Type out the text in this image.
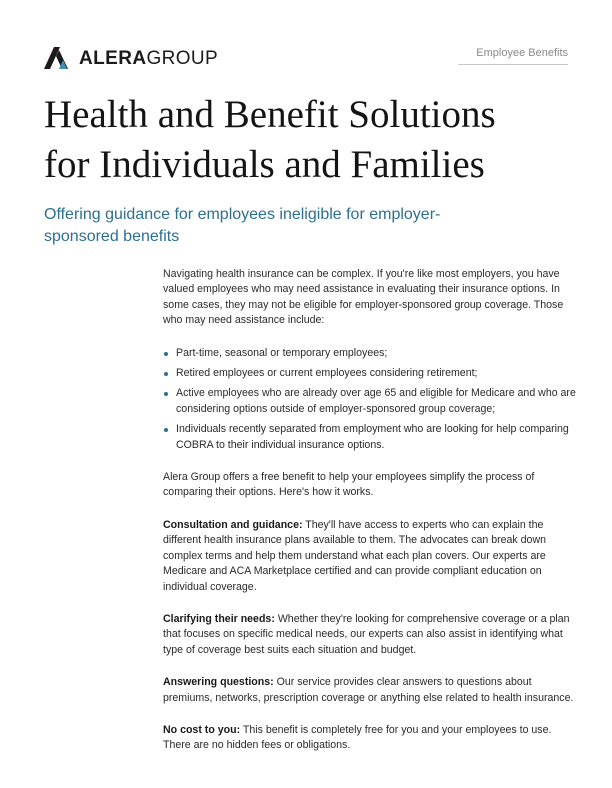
ALERAGROUP	Employee Benefits
Health and Benefit Solutions
for Individuals and Families
Offering guidance for employees ineligible for employer-sponsored benefits

Navigating health insurance can be complex. If you're like most employers, you have valued employees who may need assistance in evaluating their insurance options. In some cases, they may not be eligible for employer-sponsored group coverage. Those who may need assistance include:

Part-time, seasonal or temporary employees;
Retired employees or current employees considering retirement;
Active employees who are already over age 65 and eligible for Medicare and who are considering options outside of employer-sponsored group coverage;
Individuals recently separated from employment who are looking for help comparing COBRA to their individual insurance options.

Alera Group offers a free benefit to help your employees simplify the process of comparing their options. Here's how it works.

Consultation and guidance: They'll have access to experts who can explain the different health insurance plans available to them. The advocates can break down complex terms and help them understand what each plan covers. Our experts are Medicare and ACA Marketplace certified and can provide compliant education on individual coverage.

Clarifying their needs: Whether they're looking for comprehensive coverage or a plan that focuses on specific medical needs, our experts can also assist in identifying what type of coverage best suits each situation and budget.

Answering questions: Our service provides clear answers to questions about premiums, networks, prescription coverage or anything else related to health insurance.

No cost to you: This benefit is completely free for you and your employees to use. There are no hidden fees or obligations.
